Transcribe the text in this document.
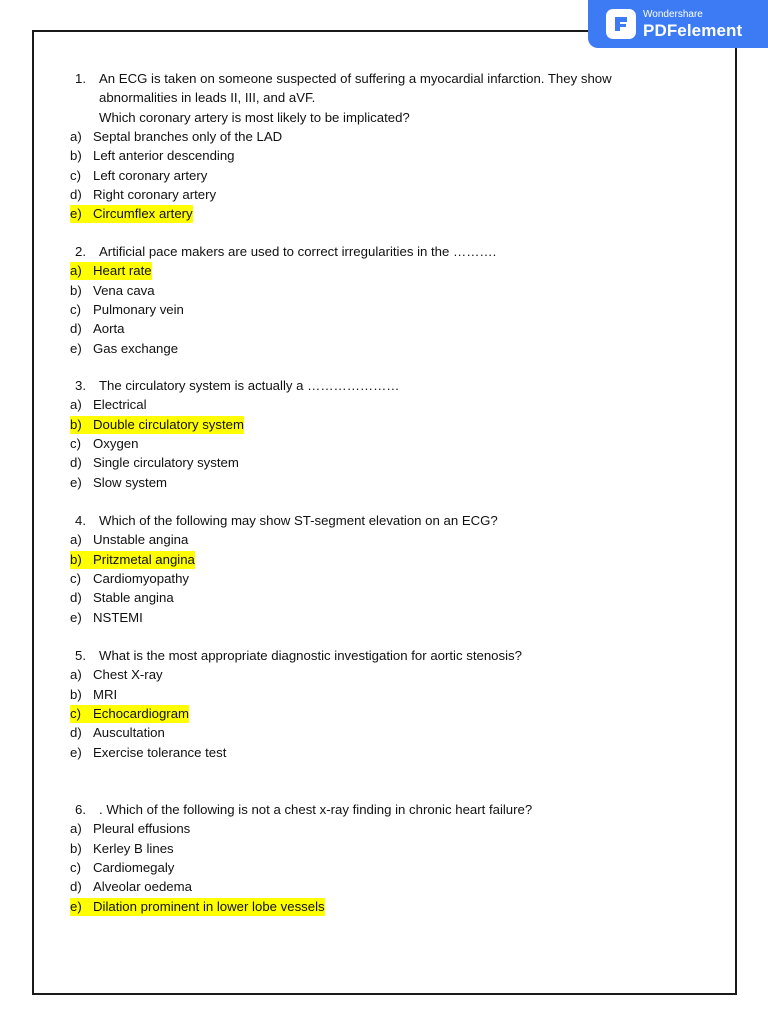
Wondershare
PDFelement
1. An ECG is taken on someone suspected of suffering a myocardial infarction. They show
abnormalities in leads II, III, and aVF.
Which coronary artery is most likely to be implicated?
a) Septal branches only of the LAD
b) Left anterior descending
c) Left coronary artery
d) Right coronary artery
e) Circumflex artery
2. Artificial pace makers are used to correct irregularities in the ……….
a) Heart rate
b) Vena cava
c) Pulmonary vein
d) Aorta
e) Gas exchange
3. The circulatory system is actually a …………………
a) Electrical
b) Double circulatory system
c) Oxygen
d) Single circulatory system
e) Slow system
4. Which of the following may show ST-segment elevation on an ECG?
a) Unstable angina
b) Pritzmetal angina
c) Cardiomyopathy
d) Stable angina
e) NSTEMI
5. What is the most appropriate diagnostic investigation for aortic stenosis?
a) Chest X-ray
b) MRI
c) Echocardiogram
d) Auscultation
e) Exercise tolerance test
6. . Which of the following is not a chest x-ray finding in chronic heart failure?
a) Pleural effusions
b) Kerley B lines
c) Cardiomegaly
d) Alveolar oedema
e) Dilation prominent in lower lobe vessels
